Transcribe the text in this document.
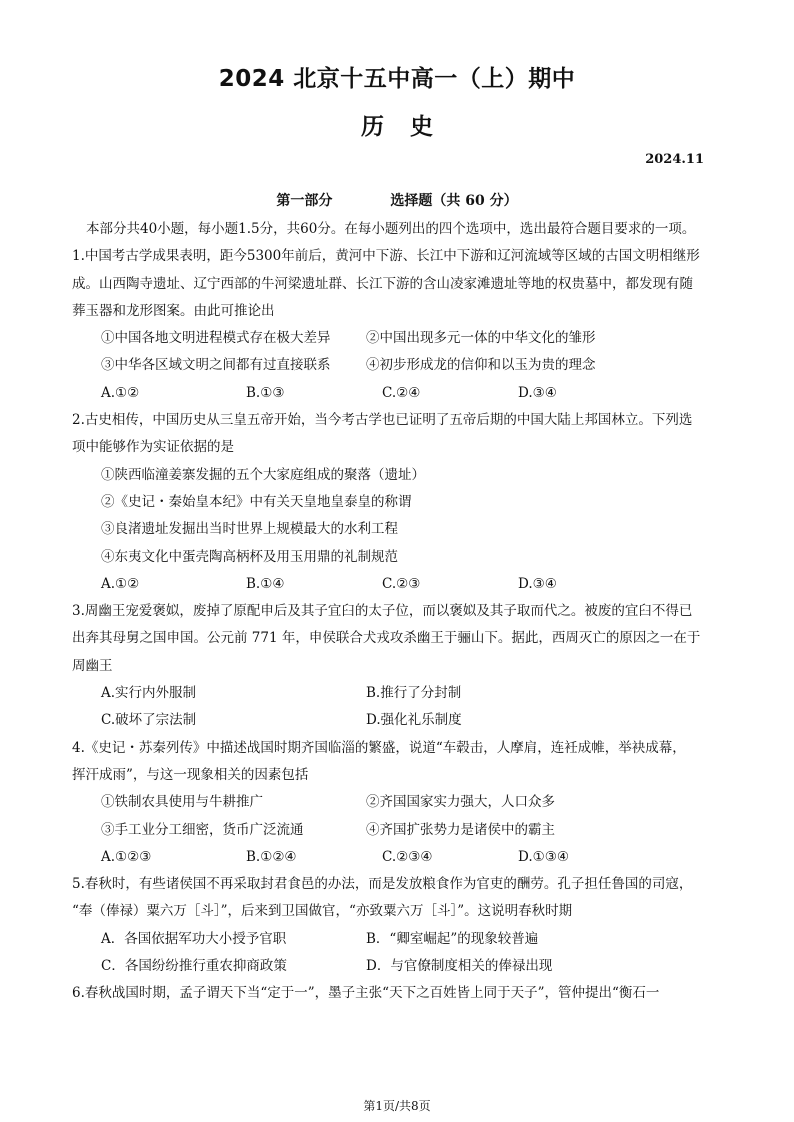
2024 北京十五中高一（上）期中
历史
2024.11
第一部分	选择题（共 60 分）
本部分共40小题，每小题1.5分，共60分。在每小题列出的四个选项中，选出最符合题目要求的一项。
1.中国考古学成果表明，距今5300年前后，黄河中下游、长江中下游和辽河流域等区域的古国文明相继形
成。山西陶寺遗址、辽宁西部的牛河梁遗址群、长江下游的含山凌家滩遗址等地的权贵墓中，都发现有随
葬玉器和龙形图案。由此可推论出
①中国各地文明进程模式存在极大差异	②中国出现多元一体的中华文化的雏形
③中华各区域文明之间都有过直接联系	④初步形成龙的信仰和以玉为贵的理念
A.①②	B.①③	C.②④	D.③④
2.古史相传，中国历史从三皇五帝开始，当今考古学也已证明了五帝后期的中国大陆上邦国林立。下列选
项中能够作为实证依据的是
①陕西临潼姜寨发掘的五个大家庭组成的聚落（遗址）
②《史记・秦始皇本纪》中有关天皇地皇泰皇的称谓
③良渚遗址发掘出当时世界上规模最大的水利工程
④东夷文化中蛋壳陶高柄杯及用玉用鼎的礼制规范
A.①②	B.①④	C.②③	D.③④
3.周幽王宠爱褒姒，废掉了原配申后及其子宜臼的太子位，而以褒姒及其子取而代之。被废的宜臼不得已
出奔其母舅之国申国。公元前 771 年，申侯联合犬戎攻杀幽王于骊山下。据此，西周灭亡的原因之一在于
周幽王
A.实行内外服制	B.推行了分封制
C.破坏了宗法制	D.强化礼乐制度
4.《史记・苏秦列传》中描述战国时期齐国临淄的繁盛，说道“车毂击，人摩肩，连衽成帷，举袂成幕，
挥汗成雨”，与这一现象相关的因素包括
①铁制农具使用与牛耕推广	②齐国国家实力强大，人口众多
③手工业分工细密，货币广泛流通	④齐国扩张势力是诸侯中的霸主
A.①②③	B.①②④	C.②③④	D.①③④
5.春秋时，有些诸侯国不再采取封君食邑的办法，而是发放粮食作为官吏的酬劳。孔子担任鲁国的司寇，
“奉（俸禄）粟六万［斗］”，后来到卫国做官，“亦致粟六万［斗］”。这说明春秋时期
A．各国依据军功大小授予官职	B．“卿室崛起”的现象较普遍
C．各国纷纷推行重农抑商政策	D．与官僚制度相关的俸禄出现
6.春秋战国时期，孟子谓天下当“定于一”，墨子主张“天下之百姓皆上同于天子”，管仲提出“衡石一
第1页/共8页
